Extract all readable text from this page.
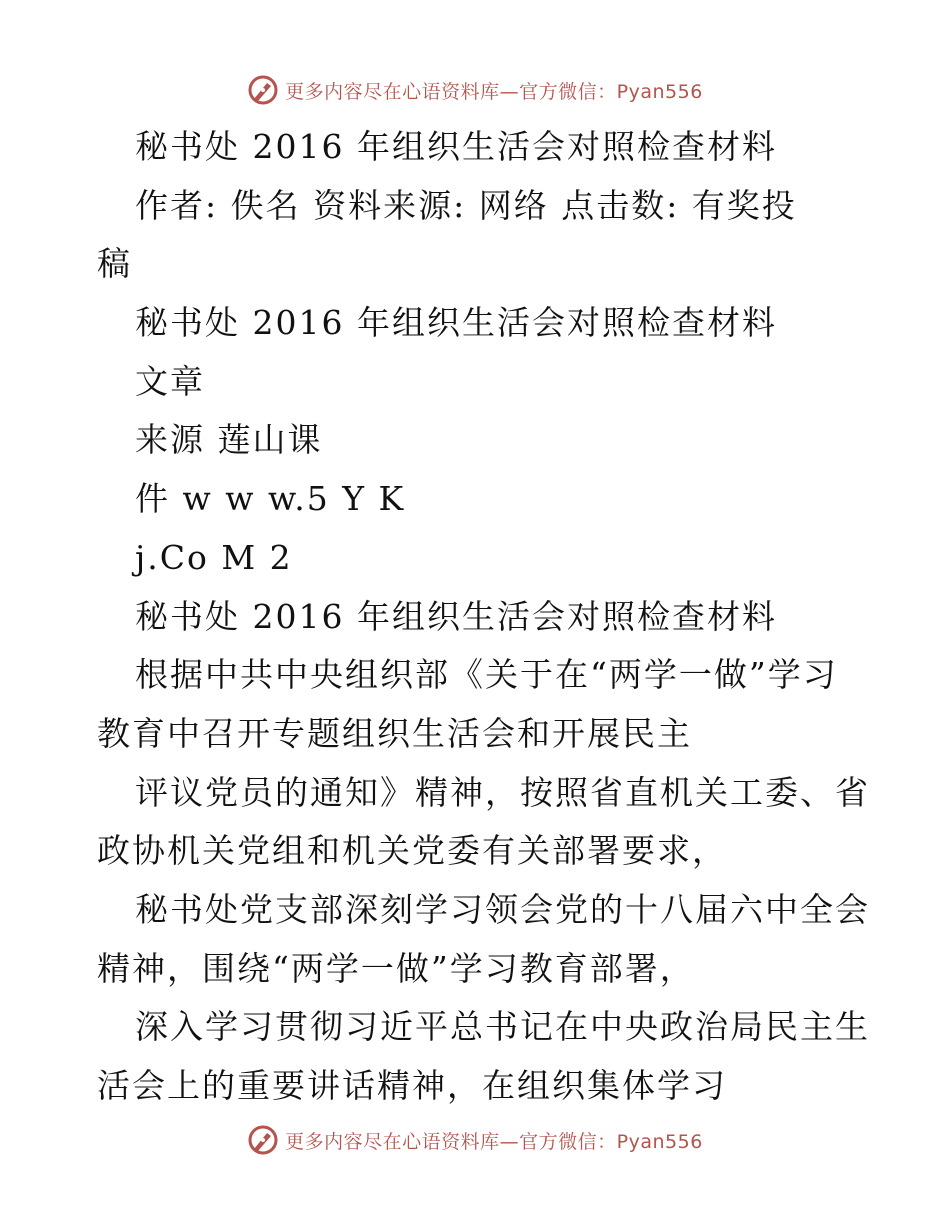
更多内容尽在心语资料库—官方微信：Pyan556
秘书处 2016 年组织生活会对照检查材料
作者: 佚名 资料来源: 网络 点击数: 有奖投
稿
秘书处 2016 年组织生活会对照检查材料
文章
来源 莲山课
件 w w w.5 Y K
j.Co M 2
秘书处 2016 年组织生活会对照检查材料
根据中共中央组织部《关于在“两学一做”学习
教育中召开专题组织生活会和开展民主
评议党员的通知》精神，按照省直机关工委、省
政协机关党组和机关党委有关部署要求，
秘书处党支部深刻学习领会党的十八届六中全会
精神，围绕“两学一做”学习教育部署，
深入学习贯彻习近平总书记在中央政治局民主生
活会上的重要讲话精神，在组织集体学习
更多内容尽在心语资料库—官方微信：Pyan556
